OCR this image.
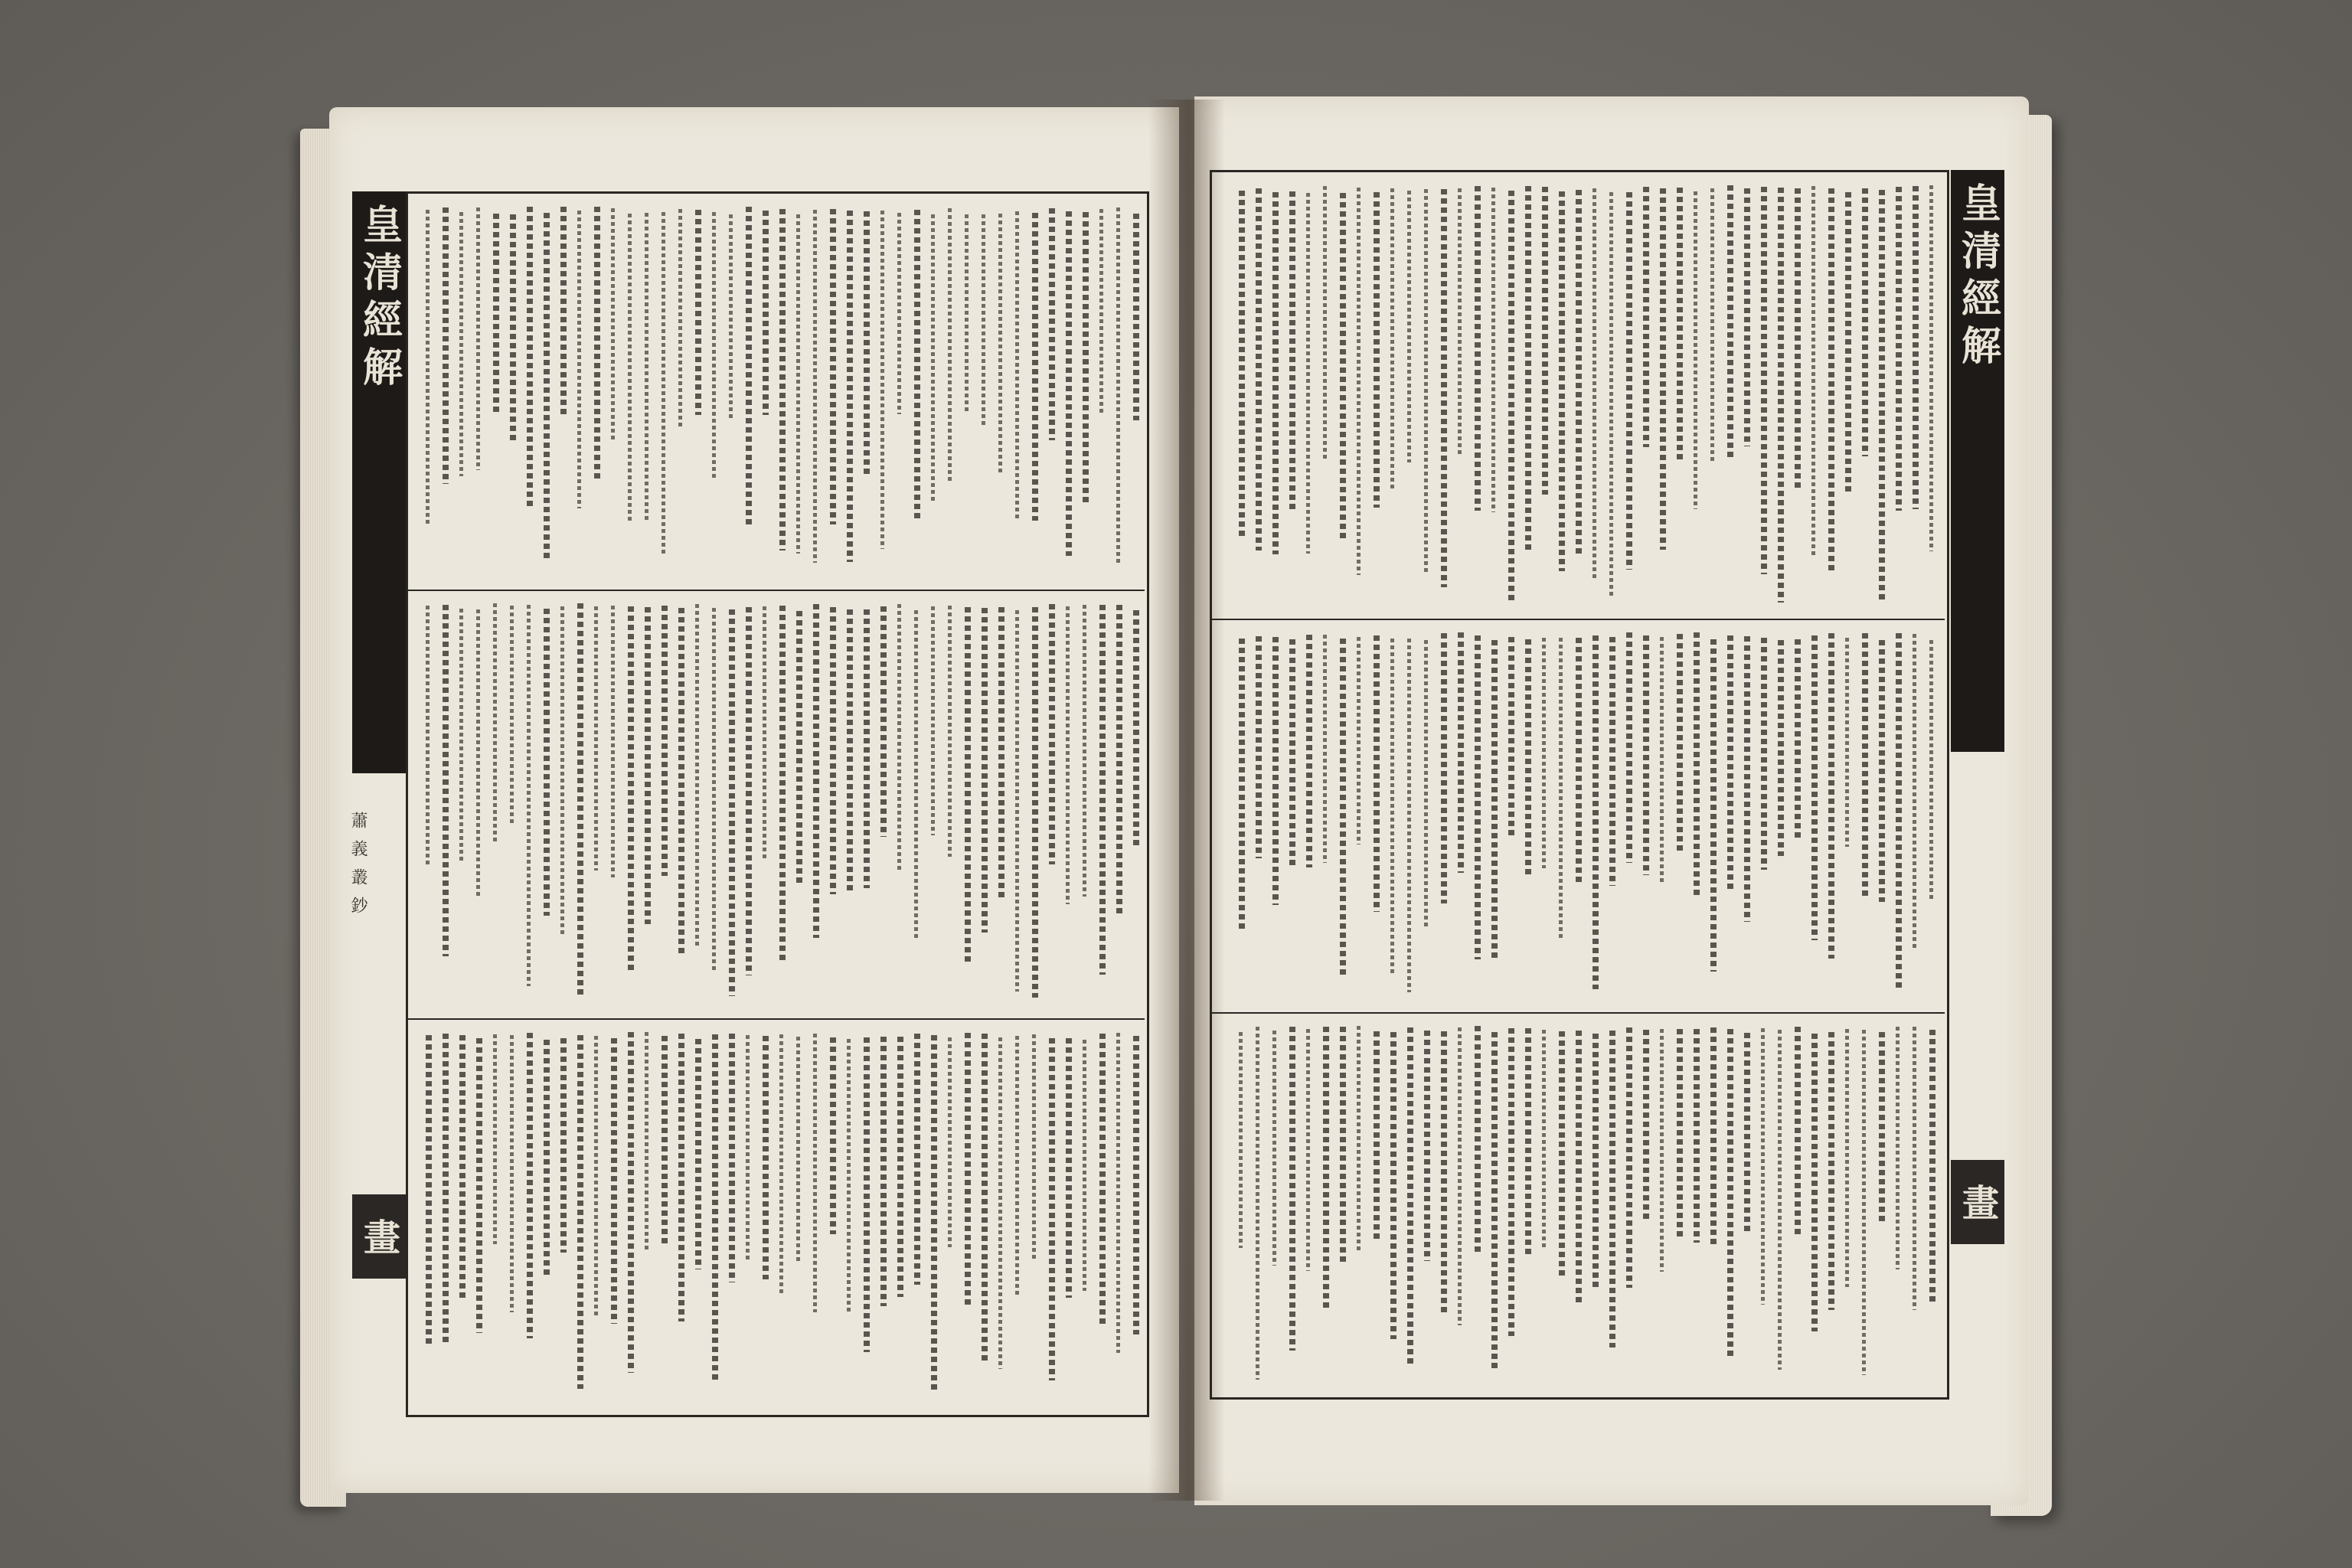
皇清經解	皇清經解
畫
畫
蕭 義 叢 鈔
